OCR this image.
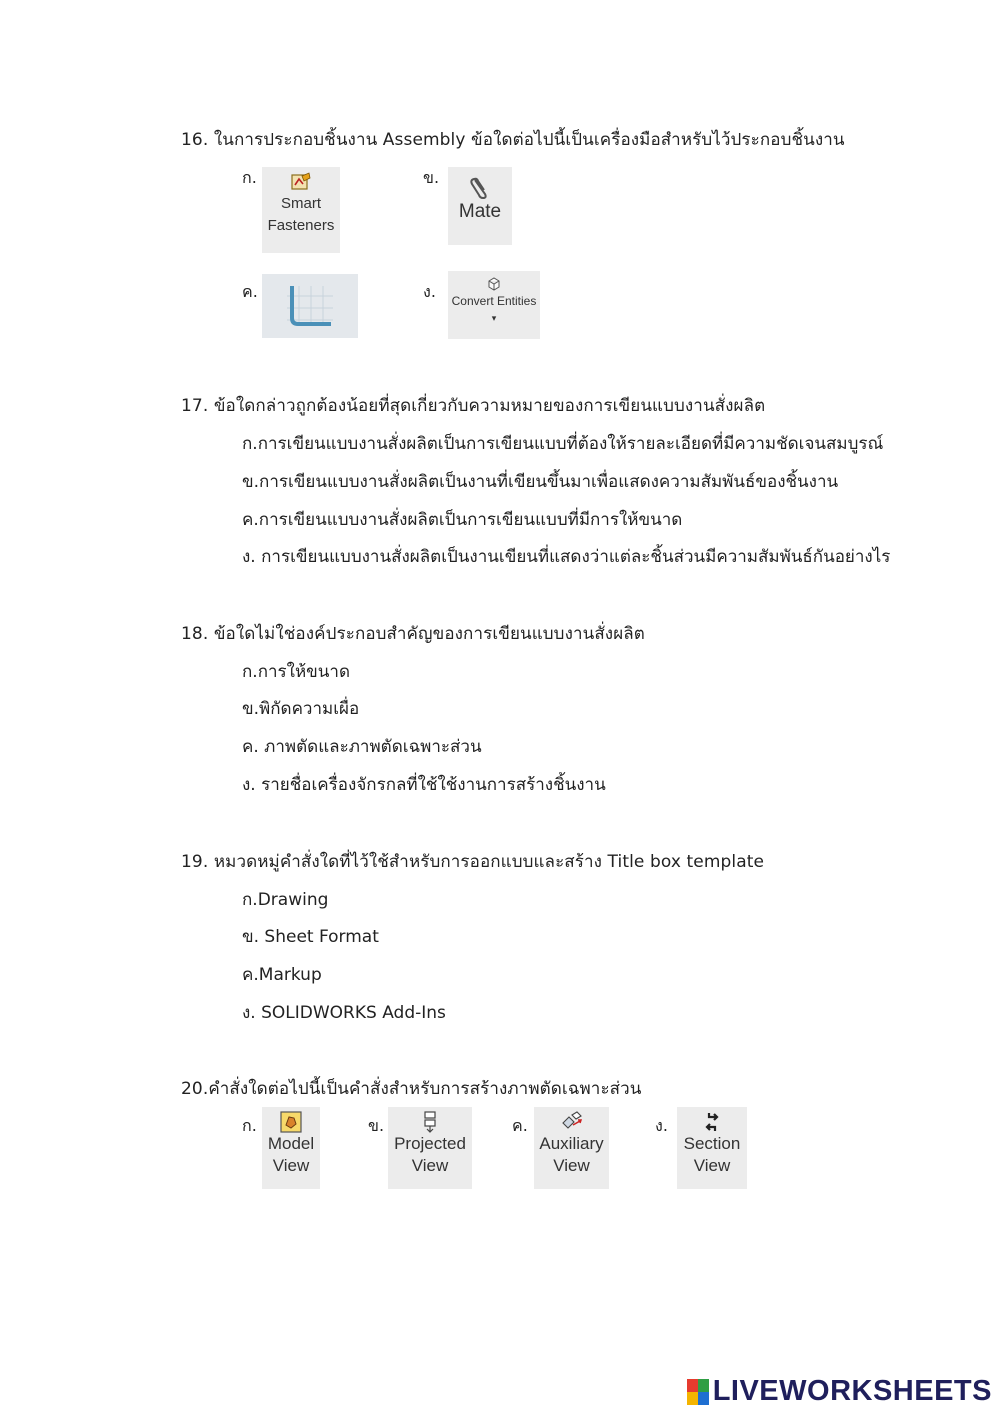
16. ในการประกอบชิ้นงาน Assembly ข้อใดต่อไปนี้เป็นเครื่องมือสำหรับไว้ประกอบชิ้นงาน
ก.
Smart
Fasteners
ข.
Mate
ค.	ง.	Convert Entities
▾
17. ข้อใดกล่าวถูกต้องน้อยที่สุดเกี่ยวกับความหมายของการเขียนแบบงานสั่งผลิต
ก.การเขียนแบบงานสั่งผลิตเป็นการเขียนแบบที่ต้องให้รายละเอียดที่มีความชัดเจนสมบูรณ์
ข.การเขียนแบบงานสั่งผลิตเป็นงานที่เขียนขึ้นมาเพื่อแสดงความสัมพันธ์ของชิ้นงาน
ค.การเขียนแบบงานสั่งผลิตเป็นการเขียนแบบที่มีการให้ขนาด
ง. การเขียนแบบงานสั่งผลิตเป็นงานเขียนที่แสดงว่าแต่ละชิ้นส่วนมีความสัมพันธ์กันอย่างไร
18. ข้อใดไม่ใช่องค์ประกอบสำคัญของการเขียนแบบงานสั่งผลิต
ก.การให้ขนาด
ข.พิกัดความเผื่อ
ค. ภาพตัดและภาพตัดเฉพาะส่วน
ง. รายชื่อเครื่องจักรกลที่ใช้ใช้งานการสร้างชิ้นงาน
19. หมวดหมู่คำสั่งใดที่ไว้ใช้สำหรับการออกแบบและสร้าง Title box template
ก.Drawing
ข. Sheet Format
ค.Markup
ง. SOLIDWORKS Add-Ins
20.คำสั่งใดต่อไปนี้เป็นคำสั่งสำหรับการสร้างภาพตัดเฉพาะส่วน
ก.
Model
View
ข.
Projected
View
ค.
Auxiliary
View
ง.
Section
View
LIVEWORKSHEETS
